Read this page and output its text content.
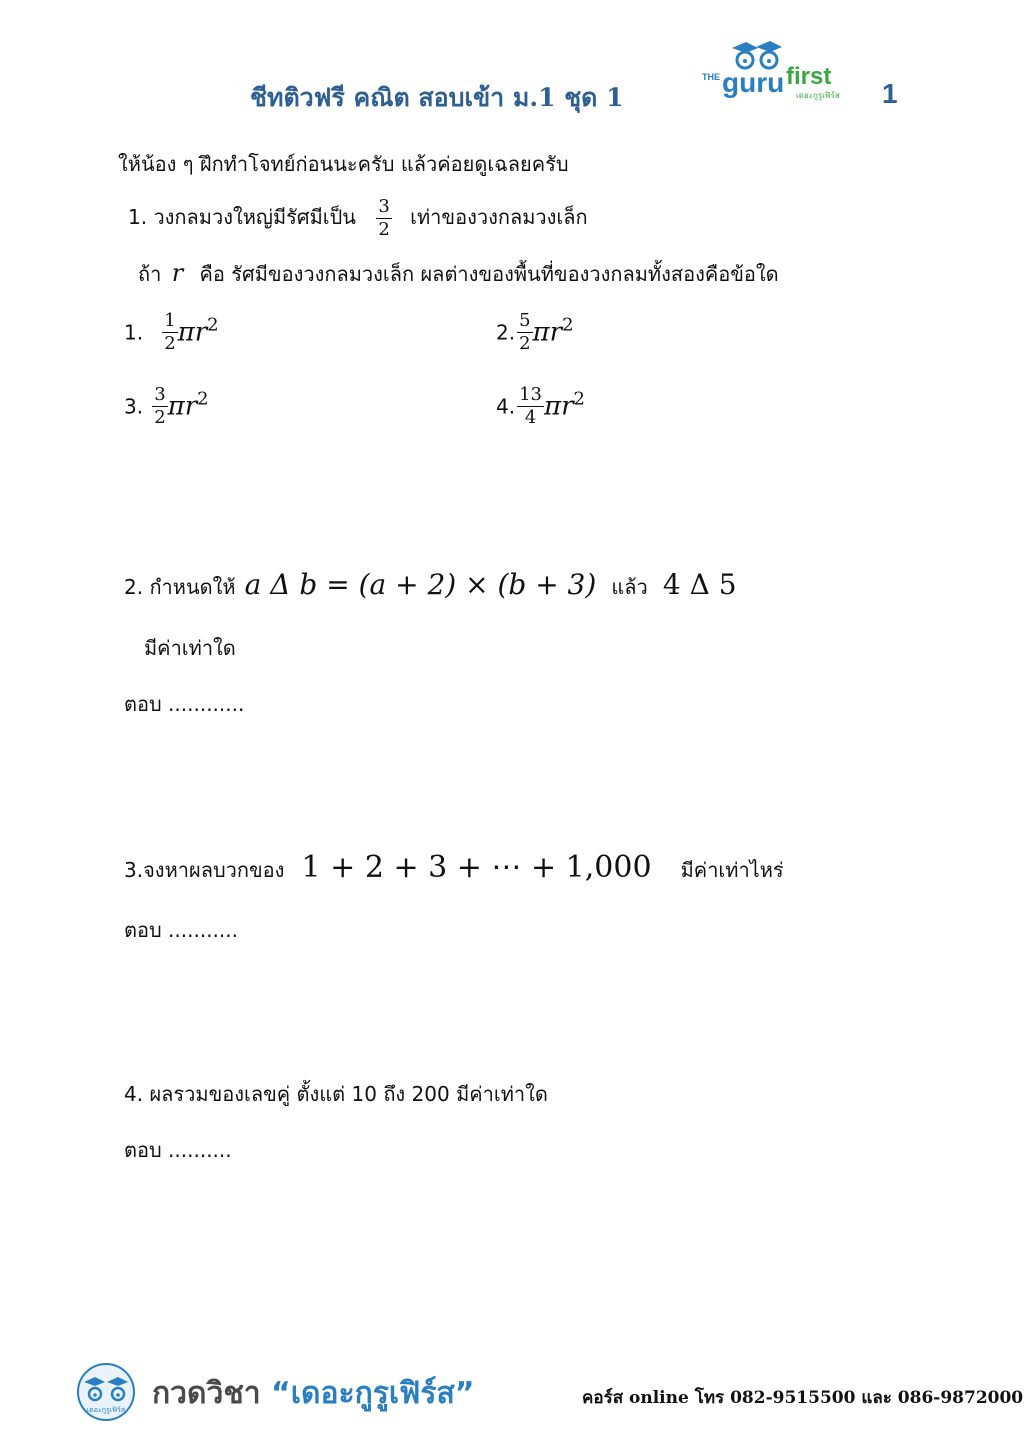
ชีทติวฟรี คณิต สอบเข้า ม.1 ชุด 1
THE guru first
เดอะกูรูเฟิร์ส 1
ให้น้อง ๆ ฝึกทำโจทย์ก่อนนะครับ แล้วค่อยดูเฉลยครับ
1. วงกลมวงใหญ่มีรัศมีเป็น $\frac{3}{2}$ เท่าของวงกลมวงเล็ก
ถ้า r คือ รัศมีของวงกลมวงเล็ก ผลต่างของพื้นที่ของวงกลมทั้งสองคือข้อใด
1. $\frac{1}{2} \pi r^2$	2. $\frac{5}{2} \pi r^2$
3. $\frac{3}{2} \pi r^2$	4. $\frac{13}{4} \pi r^2$
2. กำหนดให้ a Δ b = (a + 2) × (b + 3) แล้ว 4 Δ 5
มีค่าเท่าใด
ตอบ ............
3.จงหาผลบวกของ 1 + 2 + 3 + ⋯ + 1,000 มีค่าเท่าไหร่
ตอบ ...........
4. ผลรวมของเลขคู่ ตั้งแต่ 10 ถึง 200 มีค่าเท่าใด
ตอบ ..........
เดอะกูรูเฟิร์ส กวดวิชา “เดอะกูรูเฟิร์ส”	คอร์ส online โทร 082-9515500 และ 086-9872000
